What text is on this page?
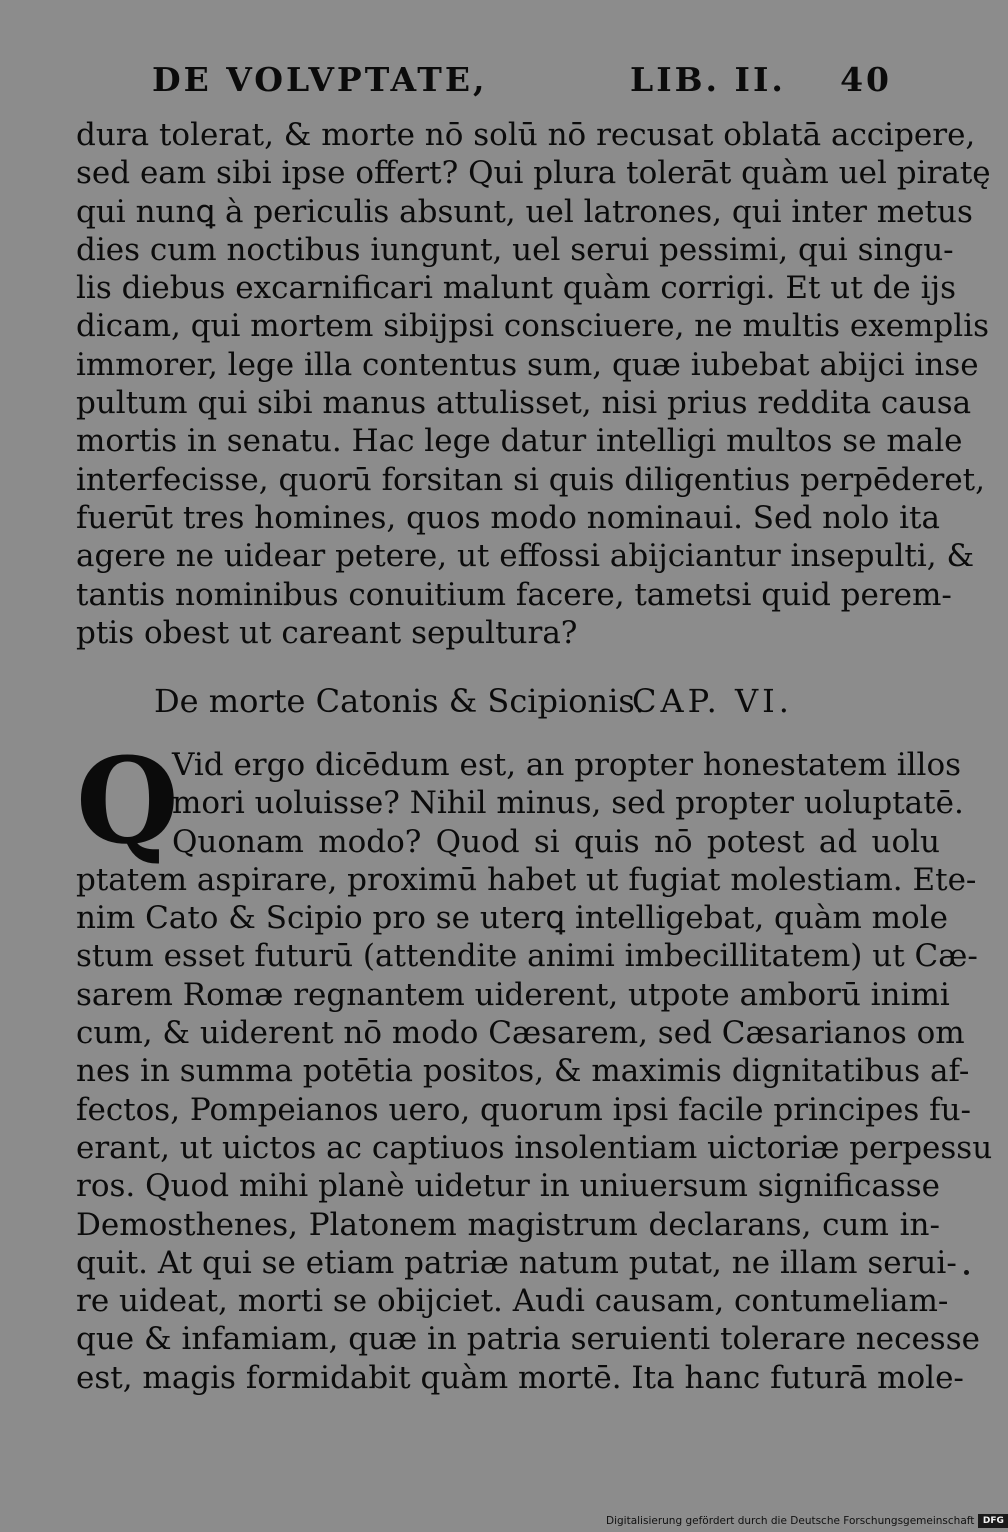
DE VOLVPTATE,	LIB. II. 40
dura tolerat, & morte nō solū nō recusat oblatā accipere,
sed eam sibi ipse offert? Qui plura tolerāt quàm uel piratę
qui nunꝗ à periculis absunt, uel latrones, qui inter metus
dies cum noctibus iungunt, uel serui pessimi, qui singu-
lis diebus excarnificari malunt quàm corrigi. Et ut de ijs
dicam, qui mortem sibijpsi consciuere, ne multis exemplis
immorer, lege illa contentus sum, quæ iubebat abijci inse
pultum qui sibi manus attulisset, nisi prius reddita causa
mortis in senatu. Hac lege datur intelligi multos se male
interfecisse, quorū forsitan si quis diligentius perpēderet,
fuerūt tres homines, quos modo nominaui. Sed nolo ita
agere ne uidear petere, ut effossi abijciantur insepulti, &
tantis nominibus conuitium facere, tametsi quid perem-
ptis obest ut careant sepultura?
De morte Catonis & Scipionis.
CAP. VI.
Q
Vid ergo dicēdum est, an propter honestatem illos
mori uoluisse? Nihil minus, sed propter uoluptatē.
Quonam modo? Quod si quis nō potest ad uolu
ptatem aspirare, proximū habet ut fugiat molestiam. Ete-
nim Cato & Scipio pro se uterꝗ intelligebat, quàm mole
stum esset futurū (attendite animi imbecillitatem) ut Cæ-
sarem Romæ regnantem uiderent, utpote amborū inimi
cum, & uiderent nō modo Cæsarem, sed Cæsarianos om
nes in summa potētia positos, & maximis dignitatibus af-
fectos, Pompeianos uero, quorum ipsi facile principes fu-
erant, ut uictos ac captiuos insolentiam uictoriæ perpessu
ros. Quod mihi planè uidetur in uniuersum significasse
Demosthenes, Platonem magistrum declarans, cum in-
quit. At qui se etiam patriæ natum putat, ne illam serui-
re uideat, morti se obijciet. Audi causam, contumeliam-
que & infamiam, quæ in patria seruienti tolerare necesse
est, magis formidabit quàm mortē. Ita hanc futurā mole-
Digitalisierung gefördert durch die Deutsche Forschungsgemeinschaft DFG
